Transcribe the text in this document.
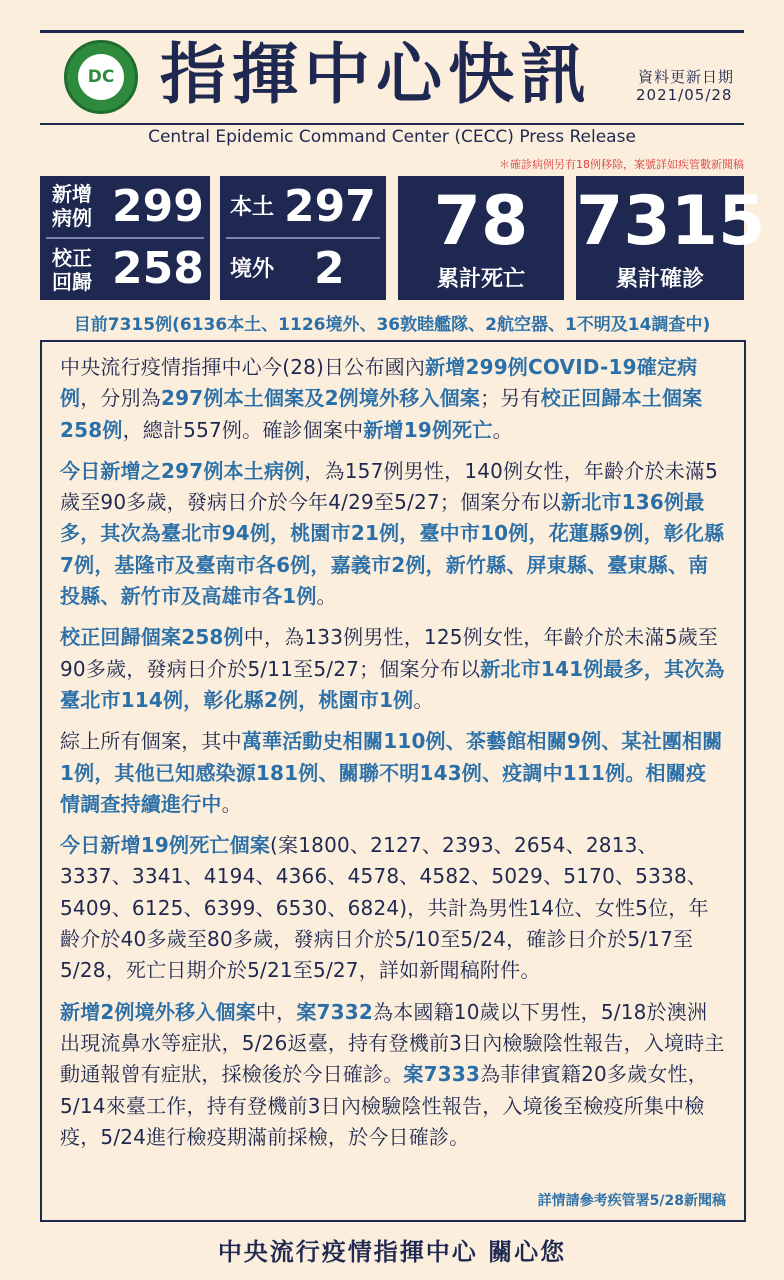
DC
指揮中心快訊	資料更新日期
2021/05/28
Central Epidemic Command Center (CECC) Press Release
＊確診病例另有18例移除，案號詳如疾管數新聞稿
新增
病例 299
校正
回歸 258
本土 297
境外 2
78
累計死亡
7315
累計確診
目前7315例(6136本土、1126境外、36敦睦艦隊、2航空器、1不明及14調查中)

中央流行疫情指揮中心今(28)日公布國內新增299例COVID-19確定病例，分別為297例本土個案及2例境外移入個案；另有校正回歸本土個案258例，總計557例。確診個案中新增19例死亡。

今日新增之297例本土病例，為157例男性，140例女性，年齡介於未滿5歲至90多歲，發病日介於今年4/29至5/27；個案分布以新北市136例最多，其次為臺北市94例，桃園市21例，臺中市10例，花蓮縣9例，彰化縣7例，基隆市及臺南市各6例，嘉義市2例，新竹縣、屏東縣、臺東縣、南投縣、新竹市及高雄市各1例。

校正回歸個案258例中，為133例男性，125例女性，年齡介於未滿5歲至90多歲，發病日介於5/11至5/27；個案分布以新北市141例最多，其次為臺北市114例，彰化縣2例，桃園市1例。

綜上所有個案，其中萬華活動史相關110例、茶藝館相關9例、某社團相關1例，其他已知感染源181例、關聯不明143例、疫調中111例。相關疫情調查持續進行中。

今日新增19例死亡個案(案1800、2127、2393、2654、2813、3337、3341、4194、4366、4578、4582、5029、5170、5338、5409、6125、6399、6530、6824)，共計為男性14位、女性5位，年齡介於40多歲至80多歲，發病日介於5/10至5/24，確診日介於5/17至5/28，死亡日期介於5/21至5/27，詳如新聞稿附件。

新增2例境外移入個案中，案7332為本國籍10歲以下男性，5/18於澳洲出現流鼻水等症狀，5/26返臺，持有登機前3日內檢驗陰性報告，入境時主動通報曾有症狀，採檢後於今日確診。案7333為菲律賓籍20多歲女性，5/14來臺工作，持有登機前3日內檢驗陰性報告，入境後至檢疫所集中檢疫，5/24進行檢疫期滿前採檢，於今日確診。

詳情請參考疾管署5/28新聞稿
中央流行疫情指揮中心 關心您
